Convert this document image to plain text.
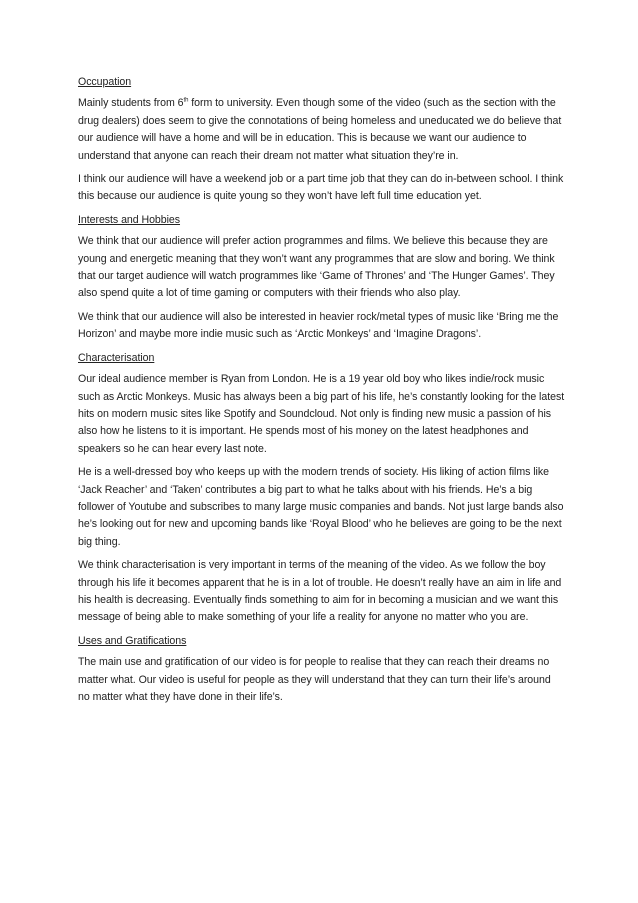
Occupation

Mainly students from 6th form to university. Even though some of the video (such as the section with the drug dealers) does seem to give the connotations of being homeless and uneducated we do believe that our audience will have a home and will be in education. This is because we want our audience to understand that anyone can reach their dream not matter what situation they’re in.

I think our audience will have a weekend job or a part time job that they can do in-between school. I think this because our audience is quite young so they won’t have left full time education yet.

Interests and Hobbies

We think that our audience will prefer action programmes and films. We believe this because they are young and energetic meaning that they won’t want any programmes that are slow and boring. We think that our target audience will watch programmes like ‘Game of Thrones’ and ‘The Hunger Games’. They also spend quite a lot of time gaming or computers with their friends who also play.

We think that our audience will also be interested in heavier rock/metal types of music like ‘Bring me the Horizon’ and maybe more indie music such as ‘Arctic Monkeys’ and ‘Imagine Dragons’.

Characterisation

Our ideal audience member is Ryan from London. He is a 19 year old boy who likes indie/rock music such as Arctic Monkeys. Music has always been a big part of his life, he’s constantly looking for the latest hits on modern music sites like Spotify and Soundcloud. Not only is finding new music a passion of his also how he listens to it is important. He spends most of his money on the latest headphones and speakers so he can hear every last note.

He is a well-dressed boy who keeps up with the modern trends of society. His liking of action films like ‘Jack Reacher’ and ‘Taken’ contributes a big part to what he talks about with his friends. He’s a big follower of Youtube and subscribes to many large music companies and bands. Not just large bands also he’s looking out for new and upcoming bands like ‘Royal Blood’ who he believes are going to be the next big thing.

We think characterisation is very important in terms of the meaning of the video. As we follow the boy through his life it becomes apparent that he is in a lot of trouble. He doesn’t really have an aim in life and his health is decreasing. Eventually finds something to aim for in becoming a musician and we want this message of being able to make something of your life a reality for anyone no matter who you are.

Uses and Gratifications

The main use and gratification of our video is for people to realise that they can reach their dreams no matter what. Our video is useful for people as they will understand that they can turn their life’s around no matter what they have done in their life’s.
